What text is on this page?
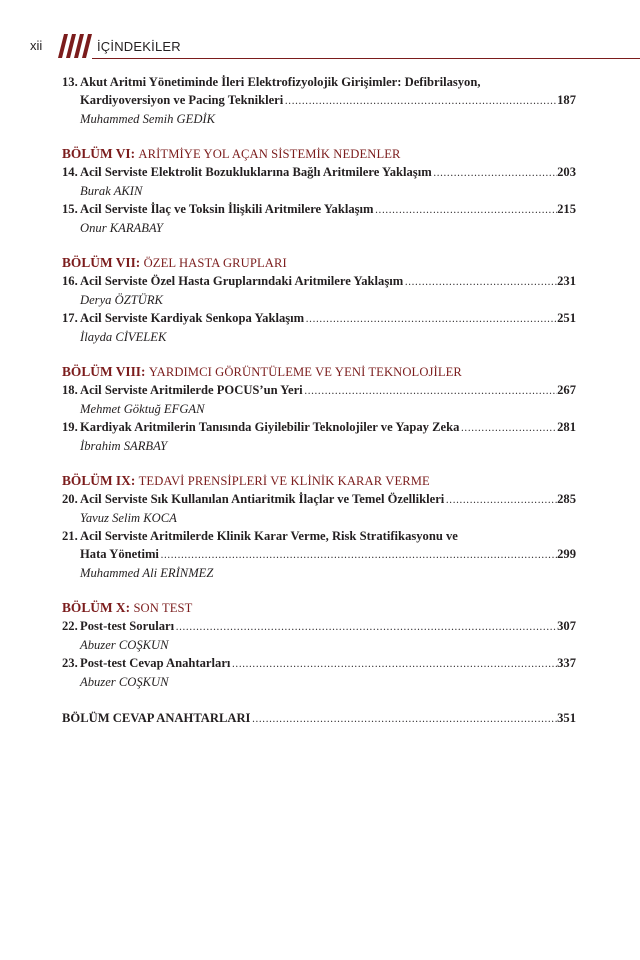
xii	İÇİNDEKİLER
13. Akut Aritmi Yönetiminde İleri Elektrofizyolojik Girişimler: Defibrilasyon,
Kardiyoversiyon ve Pacing Teknikleri . . .	187
Muhammed Semih GEDİK
BÖLÜM VI: ARİTMİYE YOL AÇAN SİSTEMİK NEDENLER
14. Acil Serviste Elektrolit Bozukluklarına Bağlı Aritmilere Yaklaşım . . .	203
Burak AKIN
15. Acil Serviste İlaç ve Toksin İlişkili Aritmilere Yaklaşım . . .	215
Onur KARABAY
BÖLÜM VII: ÖZEL HASTA GRUPLARI
16. Acil Serviste Özel Hasta Gruplarındaki Aritmilere Yaklaşım . . .	231
Derya ÖZTÜRK
17. Acil Serviste Kardiyak Senkopa Yaklaşım . . .	251
İlayda CİVELEK
BÖLÜM VIII: YARDIMCI GÖRÜNTÜLEME VE YENİ TEKNOLOJİLER
18. Acil Serviste Aritmilerde POCUS’un Yeri . . .	267
Mehmet Göktuğ EFGAN
19. Kardiyak Aritmilerin Tanısında Giyilebilir Teknolojiler ve Yapay Zeka . . .	281
İbrahim SARBAY
BÖLÜM IX: TEDAVİ PRENSİPLERİ VE KLİNİK KARAR VERME
20. Acil Serviste Sık Kullanılan Antiaritmik İlaçlar ve Temel Özellikleri . . .	285
Yavuz Selim KOCA
21. Acil Serviste Aritmilerde Klinik Karar Verme, Risk Stratifikasyonu ve
Hata Yönetimi . . .	299
Muhammed Ali ERİNMEZ
BÖLÜM X: SON TEST
22. Post-test Soruları . . .	307
Abuzer COŞKUN
23. Post-test Cevap Anahtarları . . .	337
Abuzer COŞKUN
BÖLÜM CEVAP ANAHTARLARI . . .	351
